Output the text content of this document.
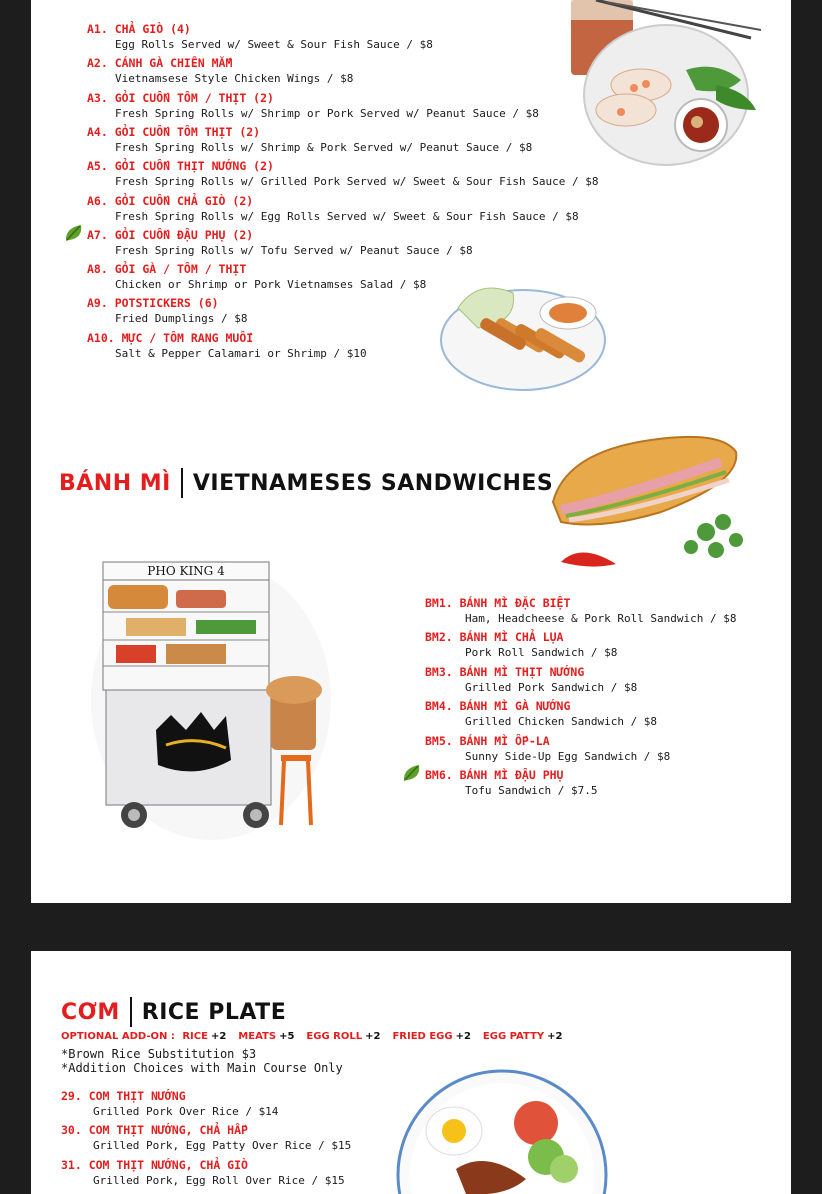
A1. CHẢ GIÒ (4)
Egg Rolls Served w/ Sweet & Sour Fish Sauce / $8
A2. CÁNH GÀ CHIÊN MẮM
Vietnamsese Style Chicken Wings / $8
A3. GỎI CUỐN TÔM / THỊT (2)
Fresh Spring Rolls w/ Shrimp or Pork Served w/ Peanut Sauce / $8
A4. GỎI CUỐN TÔM THỊT (2)
Fresh Spring Rolls w/ Shrimp & Pork Served w/ Peanut Sauce / $8
A5. GỎI CUỐN THỊT NƯỚNG (2)
Fresh Spring Rolls w/ Grilled Pork Served w/ Sweet & Sour Fish Sauce / $8
A6. GỎI CUỐN CHẢ GIÒ (2)
Fresh Spring Rolls w/ Egg Rolls Served w/ Sweet & Sour Fish Sauce / $8
A7. GỎI CUỐN ĐẬU PHỤ (2)
Fresh Spring Rolls w/ Tofu Served w/ Peanut Sauce / $8
A8. GỎI GÀ / TÔM / THỊT
Chicken or Shrimp or Pork Vietnamses Salad / $8
A9. POTSTICKERS (6)
Fried Dumplings / $8
A10. MỰC / TÔM RANG MUỐI
Salt & Pepper Calamari or Shrimp / $10
BÁNH MÌ VIETNAMESES SANDWICHES
PHO KING 4
BM1. BÁNH MÌ ĐẶC BIỆT
Ham, Headcheese & Pork Roll Sandwich / $8
BM2. BÁNH MÌ CHẢ LỤA
Pork Roll Sandwich / $8
BM3. BÁNH MÌ THỊT NƯỚNG
Grilled Pork Sandwich / $8
BM4. BÁNH MÌ GÀ NƯỚNG
Grilled Chicken Sandwich / $8
BM5. BÁNH MÌ ỐP-LA
Sunny Side-Up Egg Sandwich / $8
BM6. BÁNH MÌ ĐẬU PHỤ
Tofu Sandwich / $7.5
CƠM RICE PLATE
OPTIONAL ADD-ON : RICE +2 MEATS +5 EGG ROLL +2 FRIED EGG +2 EGG PATTY +2
*Brown Rice Substitution $3
*Addition Choices with Main Course Only
29. COM THỊT NƯỚNG
Grilled Pork Over Rice / $14
30. COM THỊT NƯỚNG, CHẢ HẤP
Grilled Pork, Egg Patty Over Rice / $15
31. COM THỊT NƯỚNG, CHẢ GIÒ
Grilled Pork, Egg Roll Over Rice / $15
